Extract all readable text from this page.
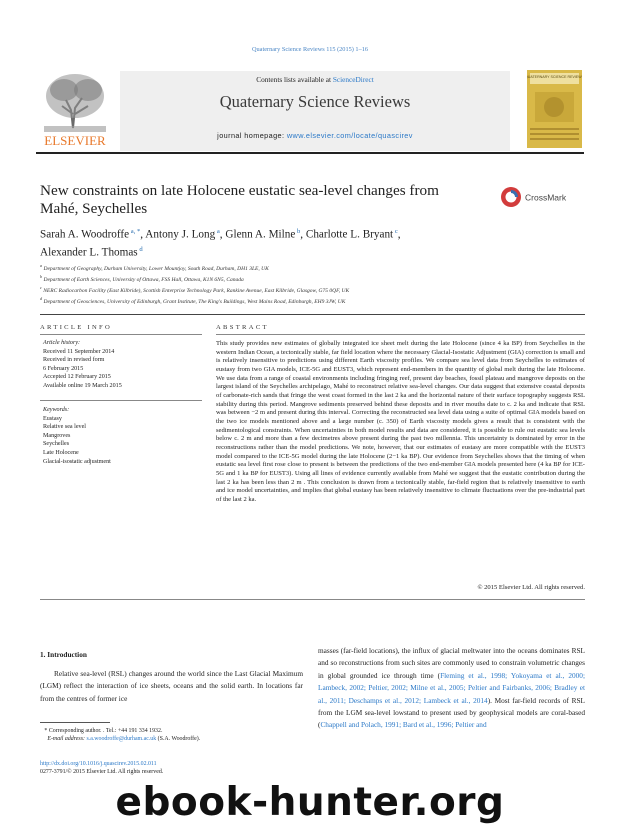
Quaternary Science Reviews 115 (2015) 1–16
ELSEVIER
Contents lists available at ScienceDirect
Quaternary Science Reviews
journal homepage: www.elsevier.com/locate/quascirev
QUATERNARY SCIENCE REVIEWS
New constraints on late Holocene eustatic sea-level changes from
Mahé, Seychelles
CrossMark
Sarah A. Woodroffe $^{a, *}$, Antony J. Long $^a$, Glenn A. Milne $^b$, Charlotte L. Bryant $^c$,
Alexander L. Thomas $^d$
$^a$ Department of Geography, Durham University, Lower Mountjoy, South Road, Durham, DH1 3LE, UK
$^b$ Department of Earth Sciences, University of Ottawa, FSS Hall, Ottawa, K1N 6N5, Canada
$^c$ NERC Radiocarbon Facility (East Kilbride), Scottish Enterprise Technology Park, Rankine Avenue, East Kilbride, Glasgow, G75 0QF, UK
$^d$ Department of Geosciences, University of Edinburgh, Grant Institute, The King's Buildings, West Mains Road, Edinburgh, EH9 3JW, UK
ARTICLE INFO
Article history:
Received 11 September 2014
Received in revised form
6 February 2015
Accepted 12 February 2015
Available online 19 March 2015
Keywords:
Eustasy
Relative sea level
Mangroves
Seychelles
Late Holocene
Glacial-isostatic adjustment
ABSTRACT
This study provides new estimates of globally integrated ice sheet melt during the late Holocene (since 4 ka BP) from Seychelles in the western Indian Ocean, a tectonically stable, far field location where the necessary Glacial-Isostatic Adjustment (GIA) correction is small and is relatively insensitive to predictions using different Earth viscosity profiles. We compare sea level data from Seychelles to estimates of eustasy from two GIA models, ICE-5G and EUST3, which represent end-members in the quantity of global melt during the late Holocene. We use data from a range of coastal environments including fringing reef, present day beaches, fossil plateau and mangrove deposits on the largest island of the Seychelles archipelago, Mahé to reconstruct relative sea-level changes. Our data suggest that extensive coastal deposits of carbonate-rich sands that fringe the west coast formed in the last 2 ka and the horizontal nature of their surface topography suggests RSL stability during this period. Mangrove sediments preserved behind these deposits and in river mouths date to c. 2 ka and indicate that RSL was between −2 m and present during this interval. Correcting the reconstructed sea level data using a suite of optimal GIA models based on the two ice models mentioned above and a large number (c. 350) of Earth viscosity models gives a result that is consistent with the sedimentological constraints. When uncertainties in both model results and data are considered, it is possible to rule out eustatic sea levels below c. 2 m and more than a few decimetres above present during the past two millennia. This uncertainty is dominated by error in the reconstructions rather than the model predictions. We note, however, that our estimates of eustasy are more compatible with the EUST3 model compared to the ICE-5G model during the late Holocene (2−1 ka BP). Our evidence from Seychelles shows that the timing of when eustatic sea level first rose close to present is between the predictions of the two end-member GIA models presented here (4 ka BP for ICE-5G and 1 ka BP for EUST3). Using all lines of evidence currently available from Mahé we suggest that the eustatic contribution during the last 2 ka has been less than 2 m . This conclusion is drawn from a tectonically stable, far-field region that is relatively insensitive to earth and ice model uncertainties, and implies that global eustasy has been relatively insensitive to climate fluctuations over the pre-industrial part of the last 2 ka.
© 2015 Elsevier Ltd. All rights reserved.
1. Introduction
Relative sea-level (RSL) changes around the world since the Last Glacial Maximum (LGM) reflect the interaction of ice sheets, oceans and the solid earth. In locations far from the centres of former ice
masses (far-field locations), the influx of glacial meltwater into the oceans dominates RSL and so reconstructions from such sites are commonly used to constrain volumetric changes in global grounded ice through time (Fleming et al., 1998; Yokoyama et al., 2000; Lambeck, 2002; Peltier, 2002; Milne et al., 2005; Peltier and Fairbanks, 2006; Bradley et al., 2011; Deschamps et al., 2012; Lambeck et al., 2014). Most far-field records of RSL from the LGM sea-level lowstand to present used by geophysical models are coral-based (Chappell and Polach, 1991; Bard et al., 1996; Peltier and
* Corresponding author. . Tel.: +44 191 334 1932.
E-mail address: s.a.woodroffe@durham.ac.uk (S.A. Woodroffe).
http://dx.doi.org/10.1016/j.quascirev.2015.02.011
0277-3791/© 2015 Elsevier Ltd. All rights reserved.
ebook-hunter.org
